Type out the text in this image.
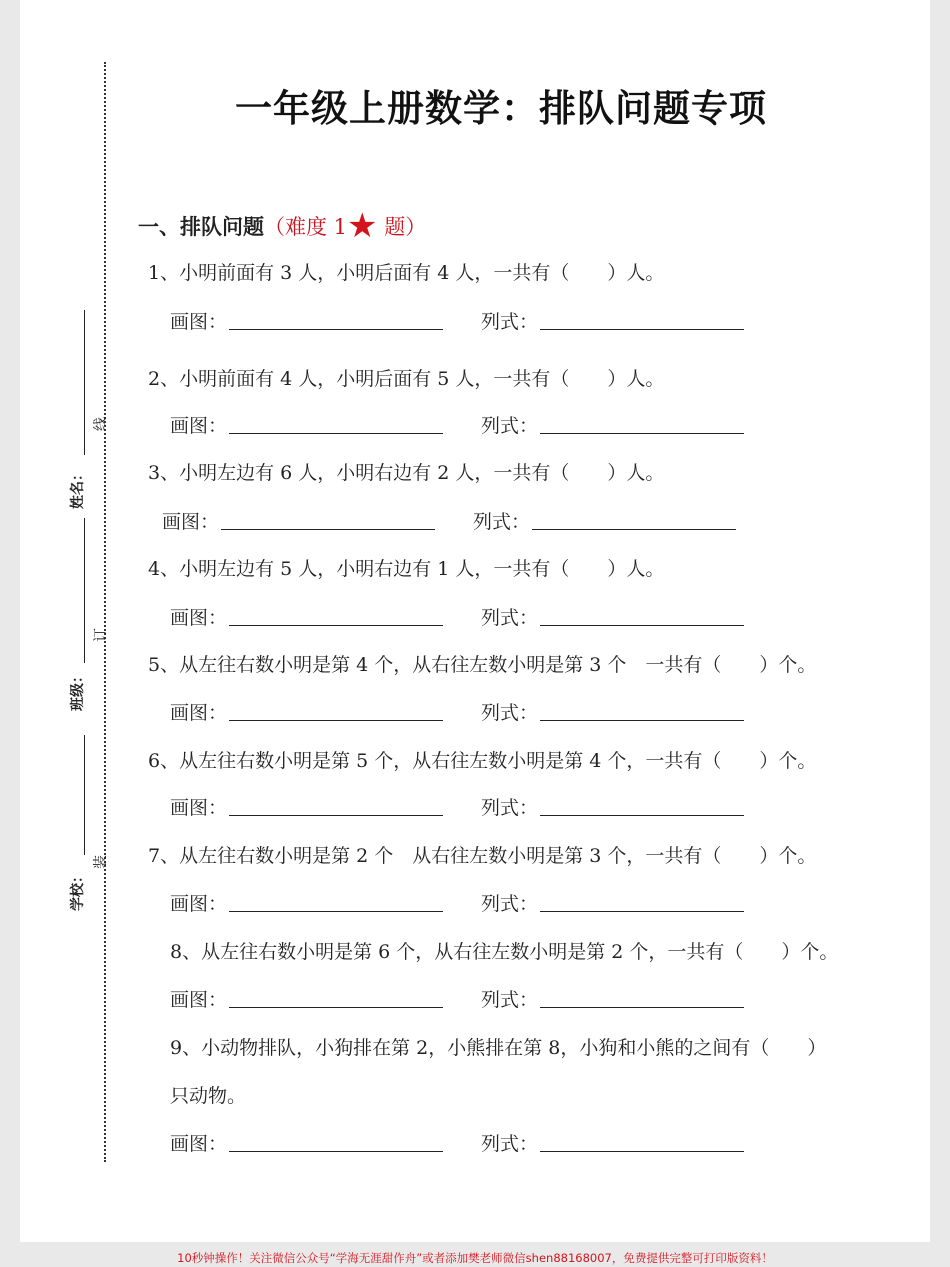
一年级上册数学：排队问题专项
线
订
装
姓名：
班级：
学校：
一、排队问题（难度 1★ 题）
1、小明前面有 3 人，小明后面有 4 人，一共有（　　）人。
画图：	列式：
2、小明前面有 4 人，小明后面有 5 人，一共有（　　）人。
画图：	列式：
3、小明左边有 6 人，小明右边有 2 人，一共有（　　）人。
画图：	列式：
4、小明左边有 5 人，小明右边有 1 人，一共有（　　）人。
画图：	列式：
5、从左往右数小明是第 4 个，从右往左数小明是第 3 个　一共有（　　）个。
画图：	列式：
6、从左往右数小明是第 5 个，从右往左数小明是第 4 个，一共有（　　）个。
画图：	列式：
7、从左往右数小明是第 2 个　从右往左数小明是第 3 个，一共有（　　）个。
画图：	列式：
8、从左往右数小明是第 6 个，从右往左数小明是第 2 个，一共有（　　）个。
画图：	列式：
9、小动物排队，小狗排在第 2，小熊排在第 8，小狗和小熊的之间有（　　）
只动物。
画图：	列式：
10秒钟操作！关注微信公众号“学海无涯甜作舟”或者添加樊老师微信shen88168007，免费提供完整可打印版资料！
